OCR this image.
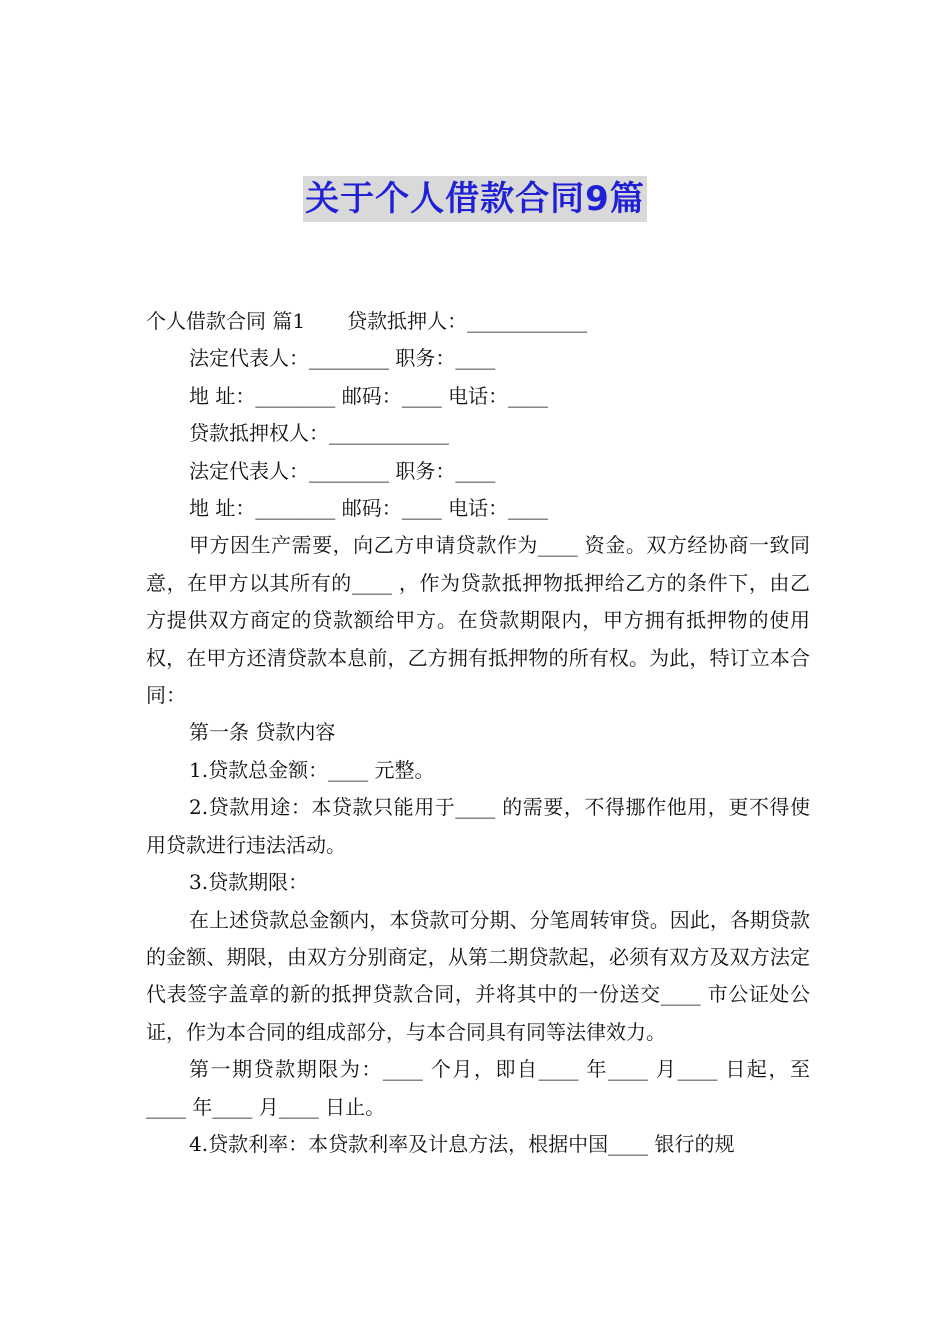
关于个人借款合同9篇

个人借款合同 篇1 贷款抵押人：____________

法定代表人：________ 职务：____

地 址：________ 邮码：____ 电话：____

贷款抵押权人：____________

法定代表人：________ 职务：____

地 址：________ 邮码：____ 电话：____

甲方因生产需要，向乙方申请贷款作为____ 资金。双方经协商一致同意，在甲方以其所有的____ ，作为贷款抵押物抵押给乙方的条件下，由乙方提供双方商定的贷款额给甲方。在贷款期限内，甲方拥有抵押物的使用权，在甲方还清贷款本息前，乙方拥有抵押物的所有权。为此，特订立本合同：

第一条 贷款内容

1.贷款总金额：____ 元整。

2.贷款用途：本贷款只能用于____ 的需要，不得挪作他用，更不得使用贷款进行违法活动。

3.贷款期限：

在上述贷款总金额内，本贷款可分期、分笔周转审贷。因此，各期贷款的金额、期限，由双方分别商定，从第二期贷款起，必须有双方及双方法定代表签字盖章的新的抵押贷款合同，并将其中的一份送交____ 市公证处公证，作为本合同的组成部分，与本合同具有同等法律效力。

第一期贷款期限为：____ 个月，即自____ 年____ 月____ 日起，至____ 年____ 月____ 日止。

4.贷款利率：本贷款利率及计息方法，根据中国____ 银行的规
